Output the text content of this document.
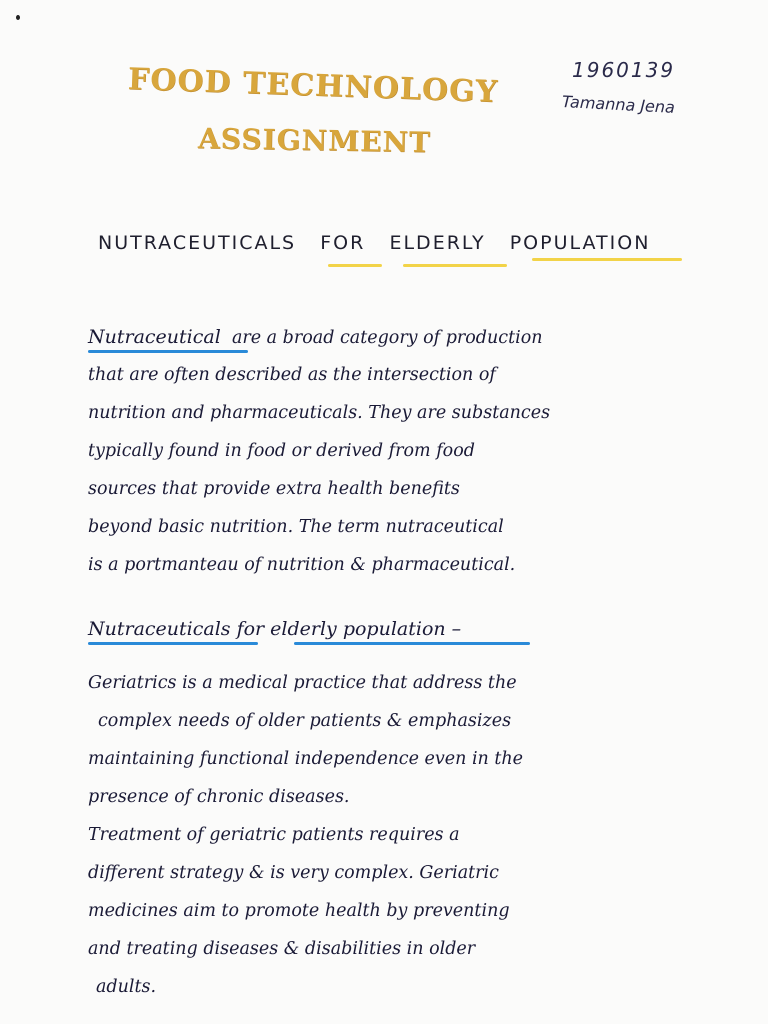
FOOD TECHNOLOGY
ASSIGNMENT
1960139
Tamanna Jena
NUTRACEUTICALS FOR ELDERLY POPULATION
Nutraceutical are a broad category of production
that are often described as the intersection of
nutrition and pharmaceuticals. They are substances
typically found in food or derived from food
sources that provide extra health benefits
beyond basic nutrition. The term nutraceutical
is a portmanteau of nutrition & pharmaceutical.
Nutraceuticals for elderly population –
Geriatrics is a medical practice that address the
complex needs of older patients & emphasizes
maintaining functional independence even in the
presence of chronic diseases.
Treatment of geriatric patients requires a
different strategy & is very complex. Geriatric
medicines aim to promote health by preventing
and treating diseases & disabilities in older
adults.
